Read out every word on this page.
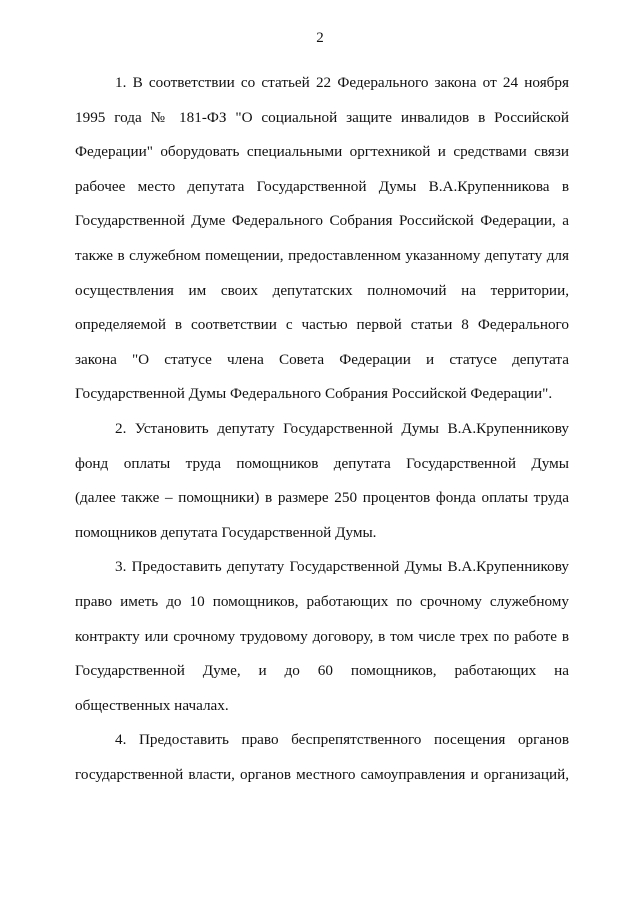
2
1. В соответствии со статьей 22 Федерального закона от 24 ноября
1995 года № 181-ФЗ "О социальной защите инвалидов в Российской
Федерации" оборудовать специальными оргтехникой и средствами связи
рабочее место депутата Государственной Думы В.А.Крупенникова в
Государственной Думе Федерального Собрания Российской Федерации, а
также в служебном помещении, предоставленном указанному депутату для
осуществления им своих депутатских полномочий на территории,
определяемой в соответствии с частью первой статьи 8 Федерального
закона "О статусе члена Совета Федерации и статусе депутата
Государственной Думы Федерального Собрания Российской Федерации".
2. Установить депутату Государственной Думы В.А.Крупенникову
фонд оплаты труда помощников депутата Государственной Думы
(далее также – помощники) в размере 250 процентов фонда оплаты труда
помощников депутата Государственной Думы.
3. Предоставить депутату Государственной Думы В.А.Крупенникову
право иметь до 10 помощников, работающих по срочному служебному
контракту или срочному трудовому договору, в том числе трех по работе в
Государственной Думе, и до 60 помощников, работающих на
общественных началах.
4. Предоставить право беспрепятственного посещения органов
государственной власти, органов местного самоуправления и организаций,
